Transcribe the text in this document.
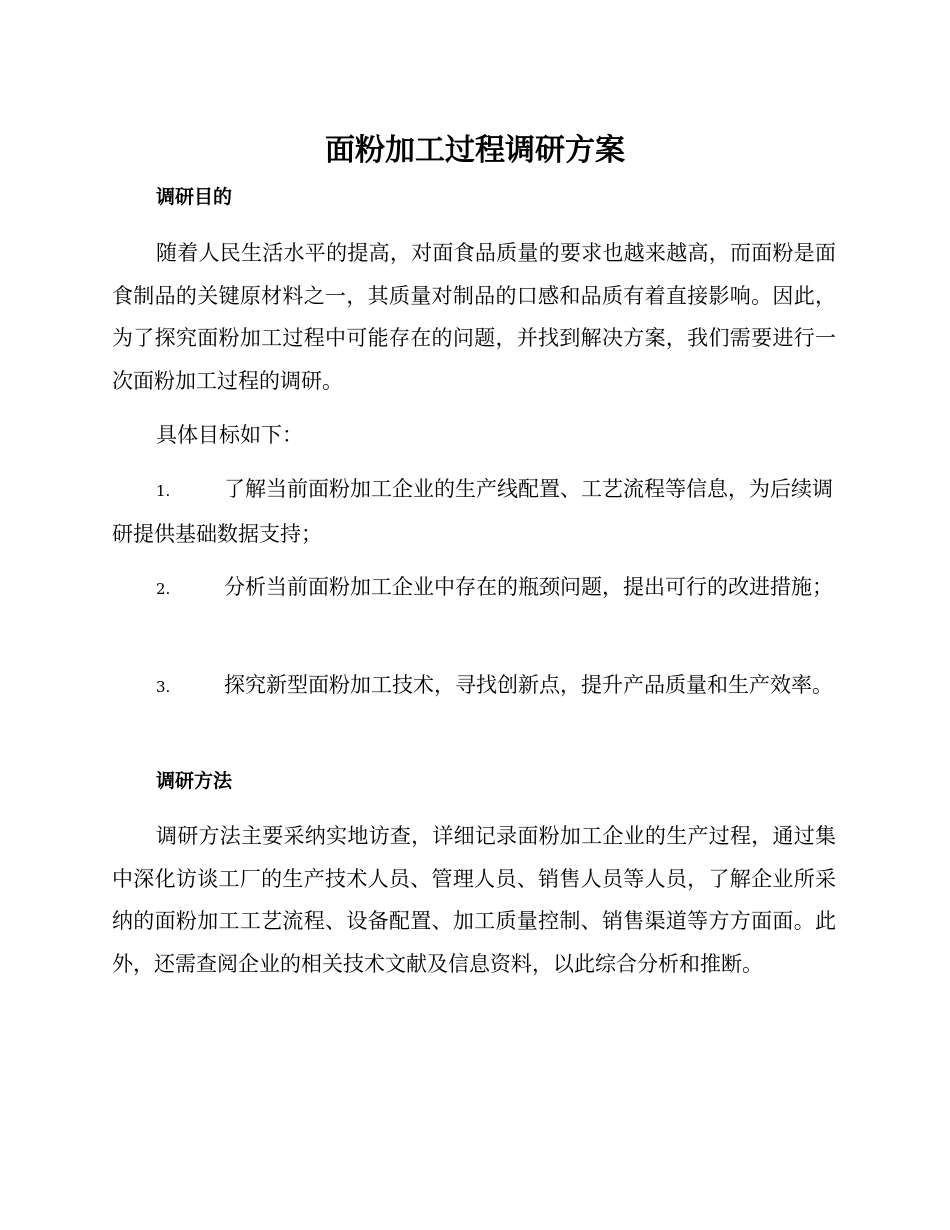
面粉加工过程调研方案
调研目的

随着人民生活水平的提高，对面食品质量的要求也越来越高，而面粉是面食制品的关键原材料之一，其质量对制品的口感和品质有着直接影响。因此，为了探究面粉加工过程中可能存在的问题，并找到解决方案，我们需要进行一次面粉加工过程的调研。

具体目标如下：

1.	了解当前面粉加工企业的生产线配置、工艺流程等信息，为后续调研提供基础数据支持；

2.	分析当前面粉加工企业中存在的瓶颈问题，提出可行的改进措施；

3.	探究新型面粉加工技术，寻找创新点，提升产品质量和生产效率。

调研方法

调研方法主要采纳实地访查，详细记录面粉加工企业的生产过程，通过集中深化访谈工厂的生产技术人员、管理人员、销售人员等人员，了解企业所采纳的面粉加工工艺流程、设备配置、加工质量控制、销售渠道等方方面面。此外，还需查阅企业的相关技术文献及信息资料，以此综合分析和推断。
